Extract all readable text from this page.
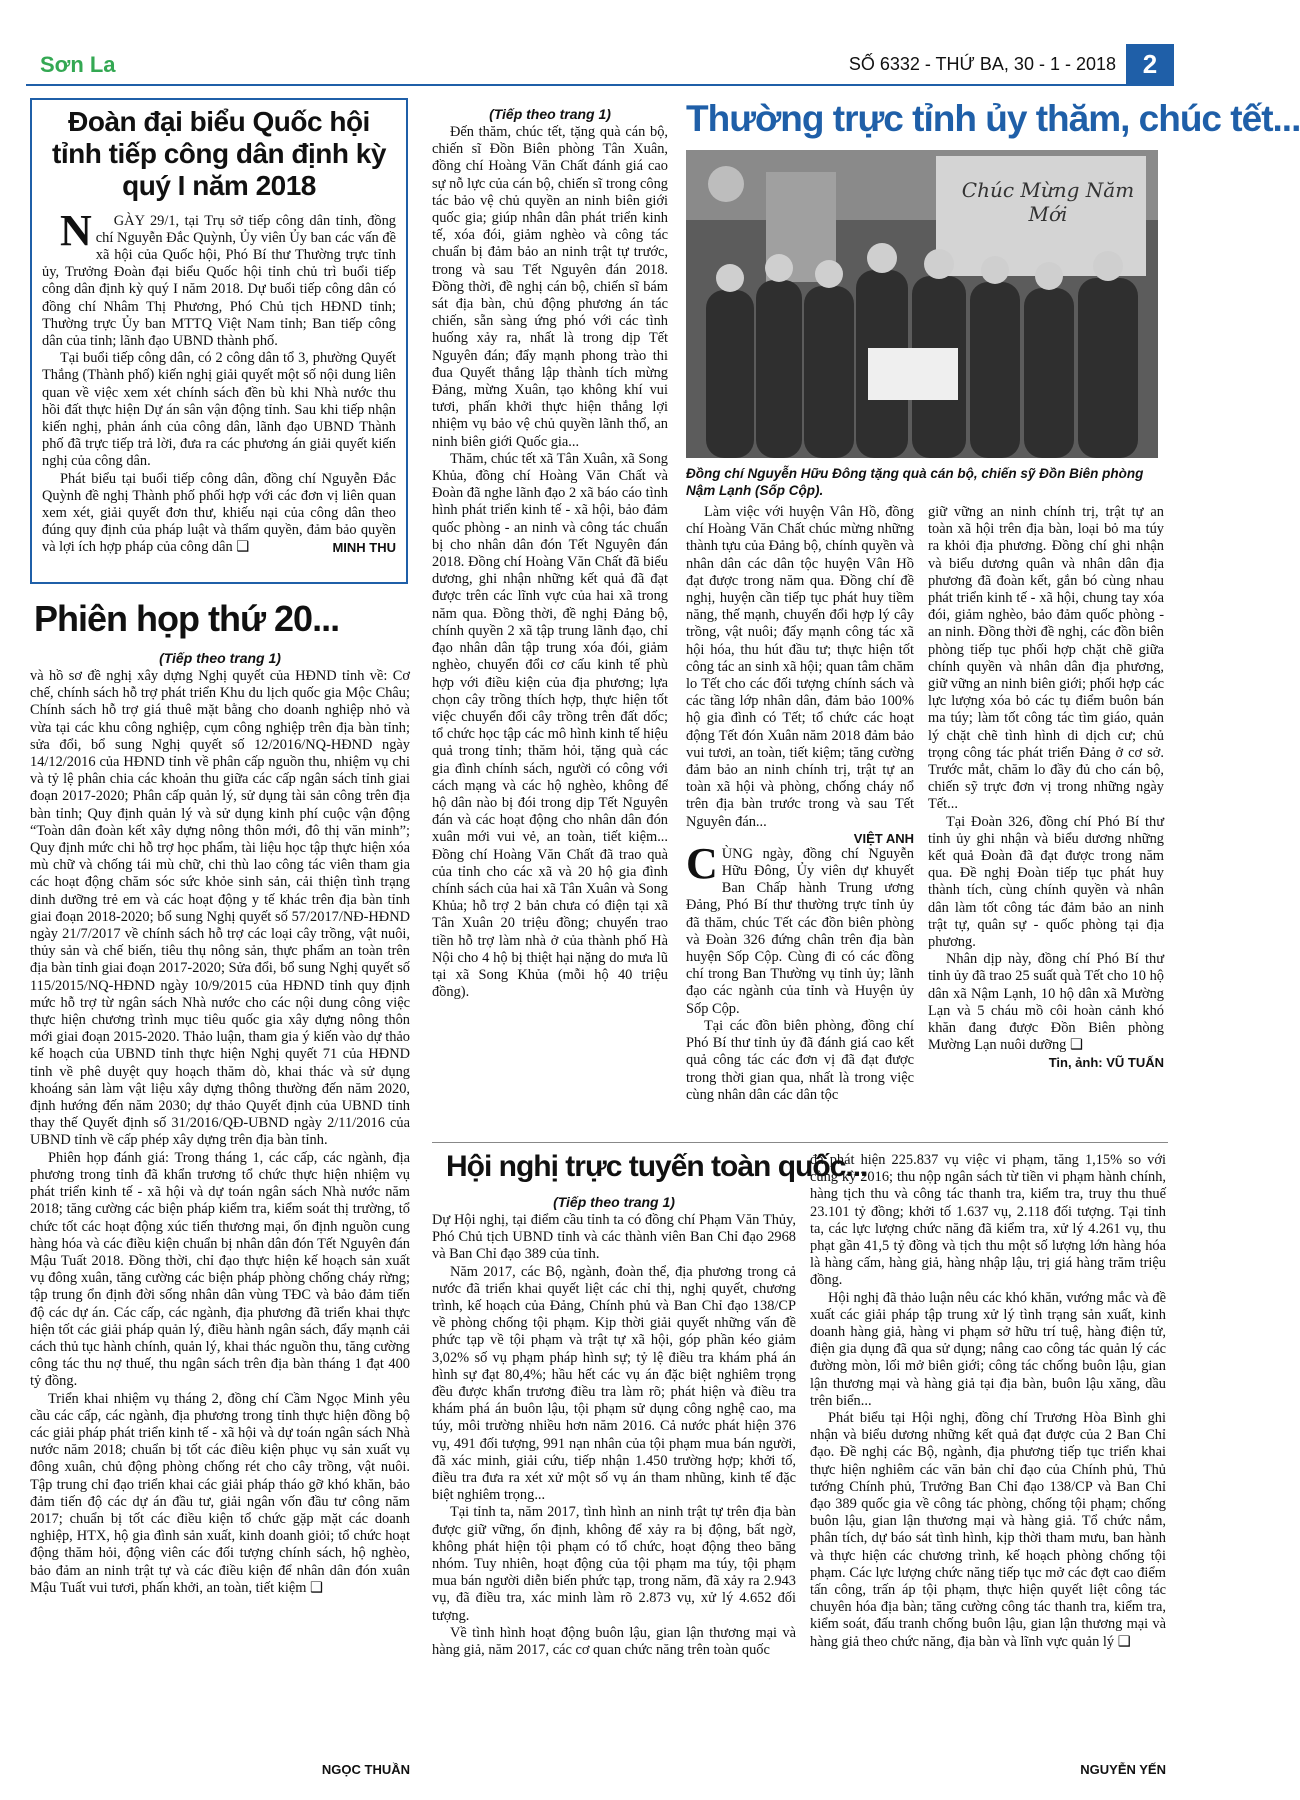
Sơn La	SỐ 6332 - THỨ BA, 30 - 1 - 2018	2
Đoàn đại biểu Quốc hội tỉnh tiếp công dân định kỳ quý I năm 2018

NGÀY 29/1, tại Trụ sở tiếp công dân tỉnh, đồng chí Nguyễn Đắc Quỳnh, Ủy viên Ủy ban các vấn đề xã hội của Quốc hội, Phó Bí thư Thường trực tỉnh ủy, Trưởng Đoàn đại biểu Quốc hội tỉnh chủ trì buổi tiếp công dân định kỳ quý I năm 2018. Dự buổi tiếp công dân có đồng chí Nhâm Thị Phương, Phó Chủ tịch HĐND tỉnh; Thường trực Ủy ban MTTQ Việt Nam tỉnh; Ban tiếp công dân của tỉnh; lãnh đạo UBND thành phố.

Tại buổi tiếp công dân, có 2 công dân tổ 3, phường Quyết Thắng (Thành phố) kiến nghị giải quyết một số nội dung liên quan về việc xem xét chính sách đền bù khi Nhà nước thu hồi đất thực hiện Dự án sân vận động tỉnh. Sau khi tiếp nhận kiến nghị, phản ánh của công dân, lãnh đạo UBND Thành phố đã trực tiếp trả lời, đưa ra các phương án giải quyết kiến nghị của công dân.

Phát biểu tại buổi tiếp công dân, đồng chí Nguyễn Đắc Quỳnh đề nghị Thành phố phối hợp với các đơn vị liên quan xem xét, giải quyết đơn thư, khiếu nại của công dân theo đúng quy định của pháp luật và thẩm quyền, đảm bảo quyền và lợi ích hợp pháp của công dân ❑	MINH THU
Phiên họp thứ 20...
(Tiếp theo trang 1)

và hồ sơ đề nghị xây dựng Nghị quyết của HĐND tỉnh về: Cơ chế, chính sách hỗ trợ phát triển Khu du lịch quốc gia Mộc Châu; Chính sách hỗ trợ giá thuê mặt bằng cho doanh nghiệp nhỏ và vừa tại các khu công nghiệp, cụm công nghiệp trên địa bàn tỉnh; sửa đổi, bổ sung Nghị quyết số 12/2016/NQ-HĐND ngày 14/12/2016 của HĐND tỉnh về phân cấp nguồn thu, nhiệm vụ chi và tỷ lệ phân chia các khoản thu giữa các cấp ngân sách tỉnh giai đoạn 2017-2020; Phân cấp quản lý, sử dụng tài sản công trên địa bàn tỉnh; Quy định quản lý và sử dụng kinh phí cuộc vận động “Toàn dân đoàn kết xây dựng nông thôn mới, đô thị văn minh”; Quy định mức chi hỗ trợ học phẩm, tài liệu học tập thực hiện xóa mù chữ và chống tái mù chữ, chi thù lao công tác viên tham gia các hoạt động chăm sóc sức khỏe sinh sản, cải thiện tình trạng dinh dưỡng trẻ em và các hoạt động y tế khác trên địa bàn tỉnh giai đoạn 2018-2020; bổ sung Nghị quyết số 57/2017/NĐ-HĐND ngày 21/7/2017 về chính sách hỗ trợ các loại cây trồng, vật nuôi, thủy sản và chế biến, tiêu thụ nông sản, thực phẩm an toàn trên địa bàn tỉnh giai đoạn 2017-2020; Sửa đổi, bổ sung Nghị quyết số 115/2015/NQ-HĐND ngày 10/9/2015 của HĐND tỉnh quy định mức hỗ trợ từ ngân sách Nhà nước cho các nội dung công việc thực hiện chương trình mục tiêu quốc gia xây dựng nông thôn mới giai đoạn 2015-2020. Thảo luận, tham gia ý kiến vào dự thảo kế hoạch của UBND tỉnh thực hiện Nghị quyết 71 của HĐND tỉnh về phê duyệt quy hoạch thăm dò, khai thác và sử dụng khoáng sản làm vật liệu xây dựng thông thường đến năm 2020, định hướng đến năm 2030; dự thảo Quyết định của UBND tỉnh thay thế Quyết định số 31/2016/QĐ-UBND ngày 2/11/2016 của UBND tỉnh về cấp phép xây dựng trên địa bàn tỉnh.

Phiên họp đánh giá: Trong tháng 1, các cấp, các ngành, địa phương trong tỉnh đã khẩn trương tổ chức thực hiện nhiệm vụ phát triển kinh tế - xã hội và dự toán ngân sách Nhà nước năm 2018; tăng cường các biện pháp kiểm tra, kiểm soát thị trường, tổ chức tốt các hoạt động xúc tiến thương mại, ổn định nguồn cung hàng hóa và các điều kiện chuẩn bị nhân dân đón Tết Nguyên đán Mậu Tuất 2018. Đồng thời, chỉ đạo thực hiện kế hoạch sản xuất vụ đông xuân, tăng cường các biện pháp phòng chống cháy rừng; tập trung ổn định đời sống nhân dân vùng TĐC và bảo đảm tiến độ các dự án. Các cấp, các ngành, địa phương đã triển khai thực hiện tốt các giải pháp quản lý, điều hành ngân sách, đẩy mạnh cải cách thủ tục hành chính, quản lý, khai thác nguồn thu, tăng cường công tác thu nợ thuế, thu ngân sách trên địa bàn tháng 1 đạt 400 tỷ đồng.

Triển khai nhiệm vụ tháng 2, đồng chí Cầm Ngọc Minh yêu cầu các cấp, các ngành, địa phương trong tỉnh thực hiện đồng bộ các giải pháp phát triển kinh tế - xã hội và dự toán ngân sách Nhà nước năm 2018; chuẩn bị tốt các điều kiện phục vụ sản xuất vụ đông xuân, chủ động phòng chống rét cho cây trồng, vật nuôi. Tập trung chỉ đạo triển khai các giải pháp tháo gỡ khó khăn, bảo đảm tiến độ các dự án đầu tư, giải ngân vốn đầu tư công năm 2017; chuẩn bị tốt các điều kiện tổ chức gặp mặt các doanh nghiệp, HTX, hộ gia đình sản xuất, kinh doanh giỏi; tổ chức hoạt động thăm hỏi, động viên các đối tượng chính sách, hộ nghèo, bảo đảm an ninh trật tự và các điều kiện để nhân dân đón xuân Mậu Tuất vui tươi, phấn khởi, an toàn, tiết kiệm ❑

NGỌC THUẦN
(Tiếp theo trang 1)

Đến thăm, chúc tết, tặng quà cán bộ, chiến sĩ Đồn Biên phòng Tân Xuân, đồng chí Hoàng Văn Chất đánh giá cao sự nỗ lực của cán bộ, chiến sĩ trong công tác bảo vệ chủ quyền an ninh biên giới quốc gia; giúp nhân dân phát triển kinh tế, xóa đói, giảm nghèo và công tác chuẩn bị đảm bảo an ninh trật tự trước, trong và sau Tết Nguyên đán 2018. Đồng thời, đề nghị cán bộ, chiến sĩ bám sát địa bàn, chủ động phương án tác chiến, sẵn sàng ứng phó với các tình huống xảy ra, nhất là trong dịp Tết Nguyên đán; đẩy mạnh phong trào thi đua Quyết thắng lập thành tích mừng Đảng, mừng Xuân, tạo không khí vui tươi, phấn khởi thực hiện thắng lợi nhiệm vụ bảo vệ chủ quyền lãnh thổ, an ninh biên giới Quốc gia...

Thăm, chúc tết xã Tân Xuân, xã Song Khủa, đồng chí Hoàng Văn Chất và Đoàn đã nghe lãnh đạo 2 xã báo cáo tình hình phát triển kinh tế - xã hội, bảo đảm quốc phòng - an ninh và công tác chuẩn bị cho nhân dân đón Tết Nguyên đán 2018. Đồng chí Hoàng Văn Chất đã biểu dương, ghi nhận những kết quả đã đạt được trên các lĩnh vực của hai xã trong năm qua. Đồng thời, đề nghị Đảng bộ, chính quyền 2 xã tập trung lãnh đạo, chỉ đạo nhân dân tập trung xóa đói, giảm nghèo, chuyển đổi cơ cấu kinh tế phù hợp với điều kiện của địa phương; lựa chọn cây trồng thích hợp, thực hiện tốt việc chuyển đổi cây trồng trên đất dốc; tổ chức học tập các mô hình kinh tế hiệu quả trong tỉnh; thăm hỏi, tặng quà các gia đình chính sách, người có công với cách mạng và các hộ nghèo, không để hộ dân nào bị đói trong dịp Tết Nguyên đán và các hoạt động cho nhân dân đón xuân mới vui vẻ, an toàn, tiết kiệm... Đồng chí Hoàng Văn Chất đã trao quà của tỉnh cho các xã và 20 hộ gia đình chính sách của hai xã Tân Xuân và Song Khủa; hỗ trợ 2 bản chưa có điện tại xã Tân Xuân 20 triệu đồng; chuyển trao tiền hỗ trợ làm nhà ở của thành phố Hà Nội cho 4 hộ bị thiệt hại nặng do mưa lũ tại xã Song Khủa (mỗi hộ 40 triệu đồng).

Thường trực tỉnh ủy thăm, chúc tết...
Chúc Mừng Năm Mới
Đồng chí Nguyễn Hữu Đông tặng quà cán bộ, chiến sỹ Đồn Biên phòng Nậm Lạnh (Sốp Cộp).

Làm việc với huyện Vân Hồ, đồng chí Hoàng Văn Chất chúc mừng những thành tựu của Đảng bộ, chính quyền và nhân dân các dân tộc huyện Vân Hồ đạt được trong năm qua. Đồng chí đề nghị, huyện cần tiếp tục phát huy tiềm năng, thế mạnh, chuyển đổi hợp lý cây trồng, vật nuôi; đẩy mạnh công tác xã hội hóa, thu hút đầu tư; thực hiện tốt công tác an sinh xã hội; quan tâm chăm lo Tết cho các đối tượng chính sách và các tầng lớp nhân dân, đảm bảo 100% hộ gia đình có Tết; tổ chức các hoạt động Tết đón Xuân năm 2018 đảm bảo vui tươi, an toàn, tiết kiệm; tăng cường đảm bảo an ninh chính trị, trật tự an toàn xã hội và phòng, chống cháy nổ trên địa bàn trước trong và sau Tết Nguyên đán...

VIỆT ANH

CÙNG ngày, đồng chí Nguyễn Hữu Đông, Ủy viên dự khuyết Ban Chấp hành Trung ương Đảng, Phó Bí thư thường trực tỉnh ủy đã thăm, chúc Tết các đồn biên phòng và Đoàn 326 đứng chân trên địa bàn huyện Sốp Cộp. Cùng đi có các đồng chí trong Ban Thường vụ tỉnh ủy; lãnh đạo các ngành của tỉnh và Huyện ủy Sốp Cộp.

Tại các đồn biên phòng, đồng chí Phó Bí thư tỉnh ủy đã đánh giá cao kết quả công tác các đơn vị đã đạt được trong thời gian qua, nhất là trong việc cùng nhân dân các dân tộc

giữ vững an ninh chính trị, trật tự an toàn xã hội trên địa bàn, loại bỏ ma túy ra khỏi địa phương. Đồng chí ghi nhận và biểu dương quân và nhân dân địa phương đã đoàn kết, gắn bó cùng nhau phát triển kinh tế - xã hội, chung tay xóa đói, giảm nghèo, bảo đảm quốc phòng - an ninh. Đồng thời đề nghị, các đồn biên phòng tiếp tục phối hợp chặt chẽ giữa chính quyền và nhân dân địa phương, giữ vững an ninh biên giới; phối hợp các lực lượng xóa bỏ các tụ điểm buôn bán ma túy; làm tốt công tác tìm giáo, quản lý chặt chẽ tình hình di dịch cư; chủ trọng công tác phát triển Đảng ở cơ sở. Trước mắt, chăm lo đầy đủ cho cán bộ, chiến sỹ trực đơn vị trong những ngày Tết...

Tại Đoàn 326, đồng chí Phó Bí thư tỉnh ủy ghi nhận và biểu dương những kết quả Đoàn đã đạt được trong năm qua. Đề nghị Đoàn tiếp tục phát huy thành tích, cùng chính quyền và nhân dân làm tốt công tác đảm bảo an ninh trật tự, quân sự - quốc phòng tại địa phương.

Nhân dịp này, đồng chí Phó Bí thư tỉnh ủy đã trao 25 suất quà Tết cho 10 hộ dân xã Nậm Lạnh, 10 hộ dân xã Mường Lạn và 5 cháu mồ côi hoàn cảnh khó khăn đang được Đồn Biên phòng Mường Lạn nuôi dưỡng ❑

Tin, ảnh: VŨ TUẤN
Hội nghị trực tuyến toàn quốc...
(Tiếp theo trang 1)

Dự Hội nghị, tại điểm cầu tỉnh ta có đồng chí Phạm Văn Thủy, Phó Chủ tịch UBND tỉnh và các thành viên Ban Chỉ đạo 2968 và Ban Chỉ đạo 389 của tỉnh.

Năm 2017, các Bộ, ngành, đoàn thể, địa phương trong cả nước đã triển khai quyết liệt các chỉ thị, nghị quyết, chương trình, kế hoạch của Đảng, Chính phủ và Ban Chỉ đạo 138/CP về phòng chống tội phạm. Kịp thời giải quyết những vấn đề phức tạp về tội phạm và trật tự xã hội, góp phần kéo giảm 3,02% số vụ phạm pháp hình sự; tỷ lệ điều tra khám phá án hình sự đạt 80,4%; hầu hết các vụ án đặc biệt nghiêm trọng đều được khẩn trương điều tra làm rõ; phát hiện và điều tra khám phá án buôn lậu, tội phạm sử dụng công nghệ cao, ma túy, môi trường nhiều hơn năm 2016. Cả nước phát hiện 376 vụ, 491 đối tượng, 991 nạn nhân của tội phạm mua bán người, đã xác minh, giải cứu, tiếp nhận 1.450 trường hợp; khởi tố, điều tra đưa ra xét xử một số vụ án tham nhũng, kinh tế đặc biệt nghiêm trọng...

Tại tỉnh ta, năm 2017, tình hình an ninh trật tự trên địa bàn được giữ vững, ổn định, không để xảy ra bị động, bất ngờ, không phát hiện tội phạm có tổ chức, hoạt động theo băng nhóm. Tuy nhiên, hoạt động của tội phạm ma túy, tội phạm mua bán người diễn biến phức tạp, trong năm, đã xảy ra 2.943 vụ, đã điều tra, xác minh làm rõ 2.873 vụ, xử lý 4.652 đối tượng.

Về tình hình hoạt động buôn lậu, gian lận thương mại và hàng giả, năm 2017, các cơ quan chức năng trên toàn quốc

đã phát hiện 225.837 vụ việc vi phạm, tăng 1,15% so với cùng kỳ 2016; thu nộp ngân sách từ tiền vi phạm hành chính, hàng tịch thu và công tác thanh tra, kiểm tra, truy thu thuế 23.101 tỷ đồng; khởi tố 1.637 vụ, 2.118 đối tượng. Tại tỉnh ta, các lực lượng chức năng đã kiểm tra, xử lý 4.261 vụ, thu phạt gần 41,5 tỷ đồng và tịch thu một số lượng lớn hàng hóa là hàng cấm, hàng giả, hàng nhập lậu, trị giá hàng trăm triệu đồng.

Hội nghị đã thảo luận nêu các khó khăn, vướng mắc và đề xuất các giải pháp tập trung xử lý tình trạng sản xuất, kinh doanh hàng giả, hàng vi phạm sở hữu trí tuệ, hàng điện tử, điện gia dụng đã qua sử dụng; nâng cao công tác quản lý các đường mòn, lối mở biên giới; công tác chống buôn lậu, gian lận thương mại và hàng giả tại địa bàn, buôn lậu xăng, dầu trên biển...

Phát biểu tại Hội nghị, đồng chí Trương Hòa Bình ghi nhận và biểu dương những kết quả đạt được của 2 Ban Chỉ đạo. Đề nghị các Bộ, ngành, địa phương tiếp tục triển khai thực hiện nghiêm các văn bản chỉ đạo của Chính phủ, Thủ tướng Chính phủ, Trưởng Ban Chỉ đạo 138/CP và Ban Chỉ đạo 389 quốc gia về công tác phòng, chống tội phạm; chống buôn lậu, gian lận thương mại và hàng giả. Tổ chức nắm, phân tích, dự báo sát tình hình, kịp thời tham mưu, ban hành và thực hiện các chương trình, kế hoạch phòng chống tội phạm. Các lực lượng chức năng tiếp tục mở các đợt cao điểm tấn công, trấn áp tội phạm, thực hiện quyết liệt công tác chuyên hóa địa bàn; tăng cường công tác thanh tra, kiểm tra, kiểm soát, đấu tranh chống buôn lậu, gian lận thương mại và hàng giả theo chức năng, địa bàn và lĩnh vực quản lý ❑

NGUYỄN YẾN
